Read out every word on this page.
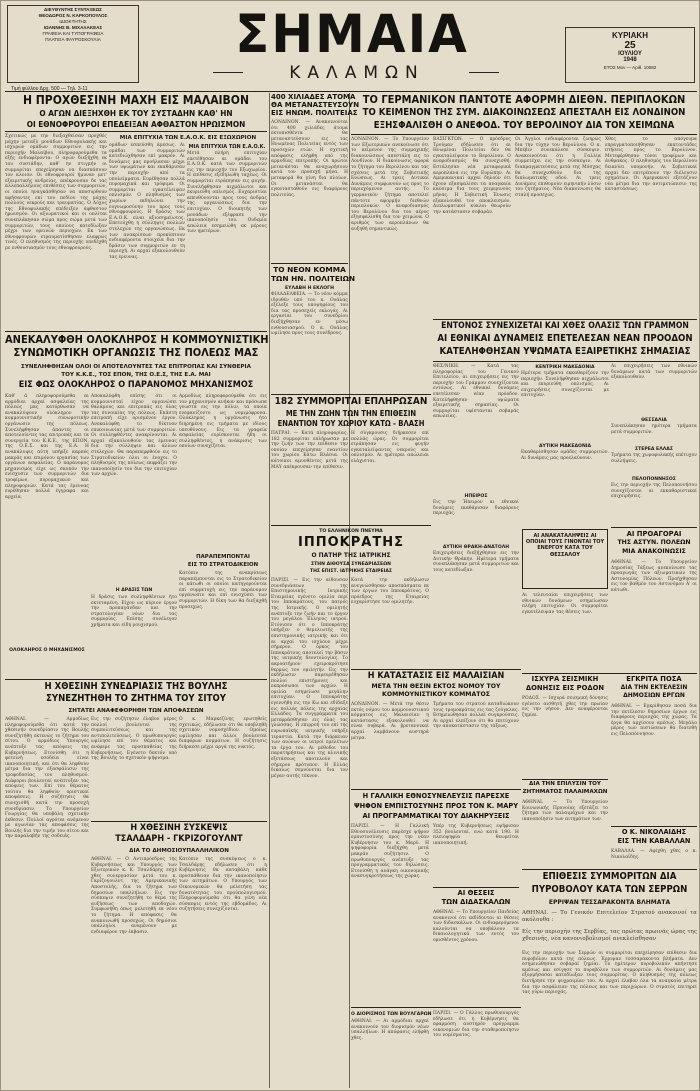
ΔΙΕΥΘΥΝΤΗΣ ΣΥΝΤΑΞΕΩΣ
ΘΕΟΔΩΡΟΣ Ν. ΚΑΡΚΟΠΟΥΛΟΣ
ΙΔΙΟΚΤΗΤΗΣ
ΙΩΑΝΝΗΣ Β. ΜΙΧΑΛΑΚΕΑΣ
ΓΡΑΦΕΙΑ ΚΑΙ ΤΥΠΟΓΡΑΦΕΙΑ
ΠΛΑΤΕΙΑ ΦΑΥΡΟΣΚΟΥΛΙΑ	ΣΗΜΑΙΑ
ΚΑΛΑΜΩΝ
ΚΥΡΙΑΚΗ
25
ΙΟΥΛΙΟΥ
1948
ΕΤΟΣ Μον — Αριθ. 10082
Τιμή φύλλου Δρχ. 500 — Τηλ. 3-11
Η ΠΡΟΧΘΕΣΙΝΗ ΜΑΧΗ ΕΙΣ ΜΑΛΑΙΒΟΝ
Ο ΑΓΩΝ ΔΙΕΞΗΧΘΗ ΕΚ ΤΟΥ ΣΥΣΤΑΔΗΝ ΚΑΘ' ΗΝ
ΟΙ ΕΘΝΟΦΡΟΥΡΟΙ ΕΠΕΔΕΙΞΑΝ ΑΦΘΑΣΤΟΝ ΗΡΩΙΣΜΟΝ
Σχετικώς με την διεξαχθείσαν προχθές μάχην μεταξύ μονάδων Εθνοφυλακής και ισχυρών ομάδων συμμοριτών εις την περιοχήν Μαλαίβου, πληροφορούμεθα τα εξής ενδιαφέροντα: Ο αγών διεξήχθη εκ του συστάδην, καθ' ην στιγμήν οι συμμορίται επεχείρησαν να διασπάσουν τον κλοιόν. Οι εθνοφρουροί ήμυναν μετ' εξαιρετικής ανδρείας, απέκρουσαν δε τας αλλεπαλλήλους επιθέσεις των συμμοριτών, οι οποίοι ηναγκάσθησαν να αποσυρθούν αφήσαντες επί του πεδίου της μάχης πολλούς νεκρούς και τραυματίας. Ο Λόχος της Εθνοφυλακής επέδειξεν άφθαστον ηρωισμόν. Οι αξιωματικοί και οι οπλίται συνεπλάκησαν σώμα προς σώμα μετά των συμμοριτών, τους οποίους κατεδίωξαν μέχρι των ορεινών περιοχών. Εκ των εθνοφρουρών ετραυματίσθησαν ελαφρώς τινές. Ο πληθυσμός της περιοχής υπεδέχθη με ενθουσιασμόν τους εθνοφρουρούς.
ΜΙΑ ΕΠΙΤΥΧΙΑ ΤΩΝ Ε.Α.Ο.Κ. ΕΙΣ ΕΞΩΧΩΡΙΟΝ
ομάδων εσπεύσθη άμεσως. Αι ομάδαι των συμμοριτών κατεδιώχθησαν επί μακρόν. Αι δυνάμεις μας προήλασαν μέχρι των υψωμάτων και εκαθάρισαν την περιοχήν από τα υπολείμματα. Ευρέθησαν πολλά πυρομαχικά και τρόφιμα. Οι συμμορίται εγκατέλειψαν οπλισμόν. Ο πληθυσμός των χωρίων εκδηλώνει την ευγνωμοσύνην του προς τους εθνοφρουρούς. Η δράσις των Ε.Α.Ο.Κ. είναι αξιοσημείωτος. Επετεύχθη η σύλληψις πολλών στελεχών της οργανώσεως. Εκ των ανακρίσεων προκύπτουν ενδιαφέροντα στοιχεία δια την δράσιν των συμμοριτών εν τη περιοχή. Αι αρχαί εξακολουθούν τας έρευνας.
ΜΙΑ ΕΠΙΤΥΧΙΑ ΤΩΝ Ε.Α.Ο.Κ.
Μετά πλήρη επιτυχίαν επετέθησαν αι ομάδαι του Ε.Α.Ο.Κ. κατά των συμμοριτών εις την περιοχήν του Εξωχωρίου. Η επίθεσις εξεδηλώθη ταχέως. Οι συμμορίται ετράπησαν εις φυγήν. Συνελήφθησαν αιχμάλωτοι και εκυριεύθη οπλισμός. Ευχαριστίαι απευθύνονται προς τους άνδρας της οργανώσεως δια την επιτυχίαν. Ο διοικητής των μονάδων εξέφρασε την ικανοποίησίν του. Ουδεμία απώλεια εσημειώθη εκ μέρους των ημετέρων.
ΑΝΕΚΑΛΥΦΘΗ ΟΛΟΚΛΗΡΟΣ Η ΚΟΜΜΟΥΝΙΣΤΙΚΗ
ΣΥΝΩΜΟΤΙΚΗ ΟΡΓΑΝΩΣΙΣ ΤΗΣ ΠΟΛΕΩΣ ΜΑΣ
ΣΥΝΕΛΗΦΘΗΣΑΝ ΟΛΟΙ ΟΙ ΑΠΟΤΕΛΟΥΝΤΕΣ ΤΑΣ ΕΠΙΤΡΟΠΑΣ ΚΑΙ ΣΥΝΘΕΡΙΑ
ΤΟΥ Κ.Κ.Ε., ΤΟΣ ΕΠΟΝ, ΤΗΣ Ο.Ε.Σ, ΤΗΣ Ε.Α. ΜΑΙ
ΕΙΣ ΦΩΣ ΟΛΟΚΛΗΡΟΣ Ο ΠΑΡΑΝΟΜΟΣ ΜΗΧΑΝΙΣΜΟΣ
Καθ' ά πληροφορούμεθα αι αρμόδιαι αρχαί ασφαλείας της πόλεώς μας κατόρθωσαν να ανακαλύψουν ολόκληρον την κομμουνιστικήν συνωμοτικήν οργάνωσιν της πόλεως. Συνελήφθησαν άπαντες οι αποτελούντες τας επιτροπάς και τα συνεργεία του Κ.Κ.Ε., της ΕΠΟΝ, της Ο.Ε.Σ. και της Ε.Α. Η ανακάλυψις αύτη υπήρξε καρπός μακράς και επιμόνου εργασίας των οργάνων ασφαλείας. Ο παράνομος μηχανισμός είχε ως σκοπόν την ενίσχυσιν των συμμοριτών δια τροφίμων, πυρομαχικών και πληροφοριών. Κατά τας έρευνας ευρέθησαν πολλά έγγραφα και αρχεία.
ΟΛΟΚΛΗΡΟΣ Ο ΜΗΧΑΝΙΣΜΟΣ
Αποκαλύφθη επίσης ότι οι κομμουνισταί είχον οργανώσει θαλάμους και επιτροπάς εις όλας τας συνοικίας της πόλεως. Εκάστη επιτροπή είχε ορισμένον έργον. Ανεκαλύφθη το δίκτυον επικοινωνίας μετά των συμμοριτών. Οι συλληφθέντες ανακρίνονται. Αι αρχαί εξακολουθούν τας έρευνας δια την σύλληψιν και άλλων στελεχών. Θα παραπεμφθούν εις το Στρατοδικείον όλοι οι ένοχοι. Ο πληθυσμός της πόλεως εκφράζει την ικανοποίησίν του δια την επιτυχίαν των αρχών.
Η ΔΡΑΣΙΣ ΤΩΝ
Η δράσις των συλληφθέντων ήτο εκτεταμένη. Είχον ως κύριον έργον την προπαγάνδαν και την στρατολογίαν νέων δια τας συμμορίας. Επίσης συνέλεγον χρήματα και είδη ρουχισμού.
Αρμοδίως πληροφορούμεθα ότι εις τον μηχανισμόν ανήκον και πρόσωπα γνωστά εις την πόλιν, τα οποία ενεφανίζοντο ως νομιμόφρονα. Ολόκληρος η οργάνωσις ήτο διηρημένη εις τμήματα με ιδίους υπευθύνους. Εις τα γραφεία ασφαλείας ευρίσκονται ήδη οι συλληφθέντες, η ανάκρισις των οποίων συνεχίζεται.
ΠΑΡΑΠΕΜΠΟΝΤΑΙ
ΕΙΣ ΤΟ ΣΤΡΑΤΟΔΙΚΕΙΟΝ
Κατόπιν της ανακρίσεως παραπέμπονται εις το Στρατοδικείον οι κάτωθι οι οποίοι κατηγορούνται επί συμμετοχή εις την παράνομον οργάνωσιν και επί ενισχύσει των συμμοριτών. Η δίκη των θα διεξαχθή προσεχώς.
Η ΧΘΕΣΙΝΗ ΣΥΝΕΔΡΙΑΣΙΣ ΤΗΣ ΒΟΥΛΗΣ
ΣΥΝΕΖΗΤΗΘΗ ΤΟ ΖΗΤΗΜΑ ΤΟΥ ΣΙΤΟΥ
ΣΗΤΑΤΕΙ ΑΝΑΦΕΦΟΡΗΘΗ ΤΩΝ ΑΠΟΦΑΣΕΩΝ
ΑΘΗΝΑΙ. — Αρμοδίως πληροφορούμεθα ότι κατά την χθεσινήν συνεδρίασιν της Βουλής συνεζητήθη εκτενώς το ζήτημα του σίτου. Ο αρμόδιος Υπουργός ανέπτυξε τας απόψεις της Κυβερνήσεως. Ετονίσθη ότι η φετεινή εσοδεία είναι ικανοποιητική, και ότι θα ληφθούν μέτρα δια την εξασφάλισιν της τροφοδοσίας του πληθυσμού. Διάφοροι βουλευταί ανέπτυξαν τας απόψεις των. Επί του θέματος τούτου θα ληφθούν οριστικαί αποφάσεις. Η συζήτησις θα συνεχισθή κατά την προσεχή συνεδρίασιν. Το Υπουργείον Γεωργίας θα υποβάλη σχετικήν έκθεσιν. Πολλοί αγρόται ανέμενον με αγωνίαν τας αποφάσεις της Βουλής δια την τιμήν του σίτου και την παραλαβήν της σοδειάς.
Εις την συζήτησιν έλαβον μέρος πολλοί βουλευταί της συμπολιτεύσεως και της αντιπολιτεύσεως. Ο πρωθυπουργός ωμίλησε επί του θέματος και ανέφερε τας προσπαθείας της Κυβερνήσεως. Εγένετο δεκτόν υπό της Βουλής το σχετικόν ψήφισμα.
Ο κ. Μαρκεζίνης ερωτηθείς σχετικώς, εδήλωσεν ότι θα υποβληθή σχετικόν νομοσχέδιον. Ομοίως ωμίλησαν και άλλοι βουλευταί διαφόρων κομμάτων. Η συζήτησις διήρκεσε μέχρι αργά της νυκτός.
Η ΧΘΕΣΙΝΗ ΣΥΣΚΕΨΙΣ
ΤΣΑΛΔΑΡΗ - ΓΚΡΙΖΟΓΟΥΛΝΤ
ΔΙΑ ΤΟ ΔΗΜΟΣΙΟΥΠΑΛΛΗΛΙΚΟΝ
ΑΘΗΝΑΙ. — Ο Αντιπρόεδρος της Κυβερνήσεως και Υπουργός των Εξωτερικών κ. Κ. Τσαλδάρης εσχε χθες συνεργασίαν μετά του κ. Γκρίζογουλντ, της Αμερικανικής Αποστολής, δια το ζήτημα των δημοσίων υπαλλήλων. Εις την σύσκεψιν συνεζητήθη το θέμα της αυξήσεως των αποδοχών. Συμφωνήθη όπως μελετηθή εκ νέου το ζήτημα. Η απόφασις θα ανακοινωθή προσεχώς. Οι δημόσιοι υπάλληλοι αναμένουν με ενδιαφέρον την έκβασιν.
Κατόπιν της συσκέψεως ο κ. Τσαλδάρης εδήλωσεν ότι η Κυβέρνησις θα καταβάλη κάθε προσπάθειαν δια την ικανοποίησιν των αιτημάτων. Ο Υπουργός των Οικονομικών θα μελετήση τας δυνατότητας του προϋπολογισμού. Πληροφορούμεθα ότι θα γίνη νέα σύσκεψις εντός της εβδομάδος. Αι συζητήσεις συνεχίζονται.
400 ΧΙΛΙΑΔΕΣ ΑΤΟΜΑ
ΘΑ ΜΕΤΑΝΑΣΤΕΥΣΟΥΝ
ΕΙΣ ΗΝΩΜ. ΠΟΛΙΤΕΙΑΣ
ΛΟΝΔΙΝΟΝ. — Ανακοινούται ότι 400 χιλιάδες άτομα εκτοπισθέντα θα μεταναστεύσουν εις τας Ηνωμένας Πολιτείας εντός των προσεχών ετών. Η σχετική απόφασις ελήφθη υπό της αρμοδίας επιτροπής. Οι πρώτοι μετανάσται θα αναχωρήσουν κατά τον προσεχή μήνα. Η μεταφορά θα γίνη δια πλοίων. Οι μετανάσται θα εγκατασταθούν εις διαφόρους πολιτείας.
ΤΟ ΝΕΟΝ ΚΟΜΜΑ
ΤΩΝ ΗΝ. ΠΟΛΙΤΕΙΩΝ
ΕΥΛΑΒΗ Η ΕΚΛΟΓΗ
ΦΙΛΑΔΕΛΦΕΙΑ. — Το νέον κόμμα ιδρυθέν υπό του κ. Ουάλας εξέλεξε τους υποψηφίους του δια τας προσεχείς εκλογάς. Αι εργασίαι του συνεδρίου διεξήχθησαν εν μέσω ενθουσιασμού. Ο κ. Ουάλας ωμίλησε προς τους συνέδρους.
ΤΟ ΓΕΡΜΑΝΙΚΟΝ ΠΑΝΤΟΤΕ ΑΦΟΡΜΗ ΔΙΕΘΝ. ΠΕΡΙΠΛΟΚΩΝ
ΤΟ ΚΕΙΜΕΝΟΝ ΤΗΣ ΣΥΜ. ΔΙΑΚΟΙΝΩΣΕΩΣ ΑΠΕΣΤΑΛΗ ΕΙΣ ΛΟΝΔΙΝΟΝ
ΕΞΗΣΦΑΛΙΣΘΗ Ο ΑΝΕΦΟΔ. ΤΟΥ ΒΕΡΟΛΙΝΟΥ ΔΙΑ ΤΟΝ ΧΕΙΜΩΝΑ
ΛΟΝΔΙΝΟΝ. — Το Υπουργείον των Εξωτερικών ανεκοίνωσε ότι το κείμενον της συμμαχικής διακοινώσεως απεστάλη εις το Λονδίνον. Η διακοίνωσις αφορά το ζήτημα του Βερολίνου και τας σχέσεις μετά της Σοβιετικής Ενώσεως. Αι τρεις Δυτικαί Δυνάμεις συμφωνούν ως προς το περιεχόμενον αυτής. Το γερμανικόν ζήτημα αποτελεί πάντοτε αφορμήν διεθνών περιπλοκών. Ο ανεφοδιασμός του Βερολίνου δια του αέρος εξησφαλίσθη δια τον χειμώνα. Ο αριθμός των αεροπλάνων θα αυξηθή σημαντικώς.
ΒΑΣΙΓΚΤΩΝ. — Ο πρόεδρος Τρούμαν εδήλωσεν ότι αι Ηνωμέναι Πολιτείαι δεν θα εγκαταλείψουν το Βερολίνον. Ο ανεφοδιασμός θα συνεχισθή. Εστάλησαν νέα μεταφορικά αεροπλάνα εις την Ευρώπην. Αι Αμερικανικαί αρχαί δηλούν ότι έχουν εξασφαλίσει τα αναγκαία καύσιμα δια τους χειμερινούς μήνας. Η Σοβιετική Ένωσις εξακολουθεί τον αποκλεισμόν. Διπλωματικοί κύκλοι θεωρούν την κατάστασιν σοβαράν.
Οι Άγγλοι ενδιαφέρονται ζωηρώς δια την τύχην του Βερολίνου. Ο κ. Μπέβιν συνεκάλεσε σύσκεψιν. Ανακοινούται ότι η Γαλλία συμμετέχει εις την σύσκεψιν. Αι διαπραγματεύσεις μετά της Μόσχας θα συνεχισθούν δια της διπλωματικής οδού. Αι τρεις Δυνάμεις επιθυμούν ειρηνικήν λύσιν του ζητήματος. Νέα διακοίνωσις θα σταλή προσεχώς.
Χθες το απόγευμα επραγματοποιήθησαν εκατοντάδες πτήσεις προς το Βερολίνον. Μετεφέρθησαν τόνοι τροφίμων και άνθρακος. Ο πληθυσμός του Βερολίνου δεικνύει υπομονήν. Αι Σοβιετικαί αρχαί δεν επιτρέπουν την διέλευσιν οχημάτων. Οι Αμερικανοί εξετάζουν νέα μέτρα δια την αντιμετώπισιν της καταστάσεως.
ΕΝΤΟΝΟΣ ΣΥΝΕΧΙΖΕΤΑΙ ΚΑΙ ΧΘΕΣ ΟΛΑΣΙΣ ΤΩΝ ΓΡΑΜΜΟΝ
ΑΙ ΕΘΝΙΚΑΙ ΔΥΝΑΜΕΙΣ ΕΠΕΤΕΛΕΣΑΝ ΝΕΑΝ ΠΡΟΟΔΟΝ
ΚΑΤΕΛΗΦΘΗΣΑΝ ΥΨΩΜΑΤΑ ΕΞΑΙΡΕΤΙΚΗΣ ΣΗΜΑΣΙΑΣ
ΘΕΣ/ΝΙΚΗ. — Κατά τας πληροφορίας του Γενικού Επιτελείου, αι επιχειρήσεις εις την περιοχήν του Γράμμου συνεχίζονται εντόνως. Αι εθνικαί δυνάμεις επετέλεσαν νέαν πρόοδον. Κατελήφθησαν υψώματα εξαιρετικής σημασίας. Οι συμμορίται υφίστανται σοβαράς απωλείας.
ΚΕΝΤΡΙΚΗ ΜΑΚΕΔΟΝΙΑ
Ημέτερα τμήματα εκκαθαρίζουν την περιοχήν. Συνελήφθησαν αιχμάλωτοι και εκυριεύθη οπλισμός. Αι επιχειρήσεις συνεχίζονται με επιτυχίαν.
ΑΥΤΙΚΗ ΜΑΚΕΔΟΝΙΑ
Εκαθαρίσθησαν ομάδες συμμοριτών. Αι δυνάμεις μας προελαύνουν.
Αι επιχειρήσεις των εθνικών δυνάμεων κατά των συμμοριτών εξακολουθούν.
ΘΕΣΣΑΛΙΑ
Συνεπλάκησαν ημέτερα τμήματα μετά συμμοριτών.
ΣΤΕΡΕΑ ΕΛΛΑΣ
Τμήματα της χωροφυλακής επέτυχον συλλήψεις.
ΠΕΛΟΠΟΝΝΗΣΟΣ
Εις την περιοχήν της Πελοποννήσου συνεχίζονται αι εκκαθαριστικαί επιχειρήσεις.
182 ΣΥΜΜΟΡΙΤΑΙ ΕΠΛΗΡΩΣΑΝ
ΜΕ ΤΗΝ ΖΩΗΝ ΤΩΝ ΤΗΝ ΕΠΙΘΕΣΙΝ
ΕΝΑΝΤΙΟΝ ΤΟΥ ΧΩΡΙΟΥ ΚΑΤΩ - ΒΛΑΣΗ
ΠΑΤΡΑΙ. — Κατά πληροφορίας, 182 συμμορίται επλήρωσαν με την ζωήν των την επίθεσιν την οποίαν επεχείρησαν εναντίον του χωρίου Κάτω Βλάσια. Οι κάτοικοι αμυνθέντες μετά της ΜΑΥ απέκρουσαν την επίθεσιν.
Η σύγκρουσις διήρκεσεν επί πολλάς ώρας. Οι συμμορίται ετράπησαν εις φυγήν εγκαταλείψαντες νεκρούς και οπλισμόν. Αι ημέτεραι απώλειαι ελάχισται.
ΤΟ ΕΛΛΗΝΙΚΟΝ ΠΝΕΥΜΑ
ΙΠΠΟΚΡΑΤΗΣ
Ο ΠΑΤΗΡ ΤΗΣ ΙΑΤΡΙΚΗΣ
ΣΤΗΝ ΑΙΘΟΥΣΑ ΣΥΝΕΔΡΙΑΣΕΩΝ
ΤΗΣ ΕΠΙΣΤ. ΙΑΤΡΙΚΗΣ ΕΤΑΙΡΕΙΑΣ
ΠΑΡΙΣΙ. — Εις την αίθουσαν συνεδριάσεων της Επιστημονικής Ιατρικής Εταιρείας εγένετο ομιλία περί του Ιπποκράτους, του πατρός της Ιατρικής. Ο ομιλητής ανέπτυξε την ζωήν και το έργον του μεγάλου Έλληνος ιατρού. Ετόνισεν ότι ο Ιπποκράτης υπήρξεν ο θεμελιωτής της επιστημονικής ιατρικής και ότι αι αρχαί του ισχύουν μέχρι σήμερον. Ο όρκος του Ιπποκράτους αποτελεί την βάσιν της ιατρικής δεοντολογίας. Το ακροατήριον εχειροκρότησε θερμώς τον ομιλητήν. Εις την εκδήλωσιν παρευρέθησαν πολλοί επιστήμονες και εκπρόσωποι των αρχών. Η ομιλία εσημείωσε μεγάλην επιτυχίαν. Ο Ιπποκράτης εγεννήθη εις την Κω και εδίδαξε εις πολλάς πόλεις της αρχαίας Ελλάδος. Τα συγγράμματά του μετεφράσθησαν εις όλας τας γλώσσας. Η επιρροή του επί της ευρωπαϊκής ιατρικής υπήρξε τεραστία. Κατά την διάρκειαν των αιώνων οι ιατροί εμελέτων τα έργα του. Αι μέθοδοι του παρατηρήσεως και της κλινικής εξετάσεως αποτελούν και σήμερον πρότυπον. Η Ελλάς δικαίως σεμνύνεται δια τον μέγαν αυτής τέκνον.
Κατά την εκδήλωσιν ανεγνώσθησαν αποσπάσματα εκ των έργων του Ιπποκράτους. Ο πρόεδρος της Εταιρείας ευχαρίστησε τον ομιλητήν.
Η ΚΑΤΑΣΤΑΣΙΣ ΕΙΣ ΜΑΛΑΙΣΙΑΝ
ΜΕΤΑ ΤΗΝ ΘΕΣΙΝ ΕΚΤΟΣ ΝΟΜΟΥ ΤΟΥ
ΚΟΜΜΟΥΝΙΣΤΙΚΟΥ ΚΟΜΜΑΤΟΣ
ΛΟΝΔΙΝΟΝ. — Μετά την θέσιν εκτός νόμου του κομμουνιστικού κόμματος εις Μαλαισίαν η κατάστασις εξακολουθεί να είναι σοβαρά. Αι βρεταννικαί αρχαί λαμβάνουν αυστηρά μέτρα.
Τμήματα του στρατού καταδιώκουν τους τρομοκράτας εις τας ζούγκλας. Εσημειώθησαν πολλαί συγκρούσεις. Αι αρχαί ελπίζουν ότι θα επιτύχουν την αποκατάστασιν της τάξεως.
Η ΓΑΛΛΙΚΗ ΕΘΝΟΣΥΝΕΛΕΥΣΙΣ ΠΑΡΕΣΧΕ
ΨΗΦΟΝ ΕΜΠΙΣΤΟΣΥΝΗΣ ΠΡΟΣ ΤΟΝ Κ. ΜΑΡΥ
ΑΙ ΠΡΟΓΡΑΜΜΑΤΙΚΑΙ ΤΟΥ ΔΙΑΚΗΡΥΞΕΙΣ
ΠΑΡΙΣΙ. — Η Γαλλική Εθνοσυνέλευσις παρέσχε ψήφον εμπιστοσύνης προς την νέαν Κυβέρνησιν του κ. Μαρύ. Η ψηφοφορία διεξήχθη μετά μακράν συζήτησιν. Ο πρωθυπουργός ανέπτυξε τας προγραμματικάς του δηλώσεις. Ετονίσθη η ανάγκη οικονομικής ανασυγκροτήσεως της χώρας.
Υπέρ της Κυβερνήσεως εψήφισαν 352 βουλευταί, ενώ κατά 190. Η πλειοψηφία θεωρείται ικανοποιητική.
ΑΙ ΘΕΣΕΙΣ
ΤΩΝ ΔΙΔΑΣΚΑΛΩΝ
ΑΘΗΝΑΙ. — Το Υπουργείον Παιδείας ανακοινοί ότι εκδίδονται αι θέσεις των διδασκάλων. Οι ενδιαφερόμενοι καλούνται να υποβάλουν τα δικαιολογητικά των εντός του ορισθέντος χρόνου.
Ο ΔΙΟΡΙΣΜΟΣ ΤΩΝ ΒΟΥΛΓΑΡΩΝ
ΑΘΗΝΑΙ. — Αι αρμόδιαι αρχαί ανακοινούν τον διορισμόν νέων υπαλλήλων. Η απόφασις ελήφθη χθες.
ΠΑΡΙΣΙ. — Ο Γάλλος πρωθυπουργός εδήλωσε ότι η Κυβέρνησις θα εφαρμόση αυστηρόν πρόγραμμα οικονομιών δια την σταθεροποίησιν του νομίσματος.
ΑΙ ΑΝΑΚΑΤΑΛΗΨΕΙΣ ΑΙ ΟΠΟΙΑΙ ΤΟΥΣ ΓΙΝΟΝΤΑΙ ΤΟΥ ΕΝΕΡΓΟΥ ΚΑΤΑ ΤΟΥ ΘΕΣΣΑΛΟΥ
Αι τελευταίαι επιχειρήσεις των εθνικών δυνάμεων εσημείωσαν πλήρη επιτυχίαν. Οι συμμορίται εγκατέλειψαν τας θέσεις των.
ΗΠΕΙΡΟΣ
Εις την Ήπειρον αι εθνικαί δυνάμεις εκαθάρισαν διαφόρους περιοχάς.
ΔΥΤΙΚΗ ΘΡΑΚΗ-ΑΝΑΤΟΛΗ
Επιχειρήσεις διεξήχθησαν εις την Δυτικήν Θράκην. Ημέτερα τμήματα συνεπλάκησαν μετά συμμοριτών και τους κατεδίωξαν.
ΑΙ ΠΡΟΑΓΟΡΑΙ
ΤΗΣ ΑΣΤΥΝ. ΠΟΛΕΩΝ
ΜΙΑ ΑΝΑΚΟΙΝΩΣΙΣ
ΑΘΗΝΑΙ. — Το Υπουργείον Δημοσίας Τάξεως ανεκοίνωσε τας προαγωγάς των αξιωματικών της Αστυνομίας Πόλεων. Προήχθησαν εις τον βαθμόν του Αστυνόμου Α' οι κάτωθι.
ΙΣΧΥΡΑ ΣΕΙΣΜΙΚΗ
ΔΟΝΗΣΙΣ ΕΙΣ ΡΟΔΟΝ
ΡΟΔΟΣ. — Ισχυρά σεισμική δόνησις εγένετο αισθητή χθες την πρωίαν εις την νήσον. Δεν αναφέρονται ζημίαι.
ΕΓΚΡΙΤΑ ΠΟΣΑ
ΔΙΑ ΤΗΝ ΕΚΤΕΛΕΣΙΝ
ΔΗΜΟΣΙΩΝ ΕΡΓΩΝ
ΑΘΗΝΑΙ. — Εγκρίθησαν ποσά δια την εκτέλεσιν δημοσίων έργων εις διαφόρους περιοχάς της χώρας. Τα έργα θα αρχίσουν αμέσως. Μεγάλο μέρος των πιστώσεων θα διατεθή εις Πελοπόννησον.
ΔΙΑ ΤΗΝ ΕΠΙΛΥΣΙΝ ΤΟΥ
ΖΗΤΗΜΑΤΟΣ ΠΑΛΑΙΜΑΧΩΝ
ΑΘΗΝΑΙ. — Το Υπουργείον Κοινωνικής Προνοίας εξετάζει το ζήτημα των παλαιμάχων και την ικανοποίησιν των αιτημάτων των.
Ο Κ. ΝΙΚΟΛΑΙΔΗΣ
ΕΙΣ ΤΗΝ ΚΑΒΑΛΛΑΝ
ΚΑΒΑΛΛΑ. — Αφίχθη χθες ο κ. Νικολαΐδης.
ΕΠΙΘΕΣΙΣ ΣΥΜΜΟΡΙΤΩΝ ΔΙΑ
ΠΥΡΟΒΟΛΟΥ ΚΑΤΑ ΤΩΝ ΣΕΡΡΩΝ
ΕΡΡΙΨΑΝ ΤΕΣΣΑΡΑΚΟΝΤΑ ΒΛΗΜΑΤΑ
ΑΘΗΝΑΙ. — Το Γενικόν Επιτελείον Στρατού ανακοινοί τα ακόλουθα :
Είς την περιοχήν της Σερβίας, τας πρώτας πρωινάς ώρας της χθεσινής, νέα κανονιοβολισμοί ανεκλείσθησαν
Εις την περιοχήν των Σερρών οι συμμορίται επεχείρησαν επίθεσιν δια πυροβόλου κατά της πόλεως. Έρριψαν τεσσαράκοντα βλήματα. Δεν εσημειώθησαν σοβαραί ζημίαι. Το ημέτερον πυροβολικόν απήντησε αμέσως και εσίγησε το πυροβόλον των συμμοριτών. Αι δυνάμεις μας εξορμήσασαι κατεδίωξαν τους συμμορίτας. Ο πληθυσμός της πόλεως διετήρησε την ψυχραιμίαν του. Αι αρχαί έλαβον όλα τα αναγκαία μέτρα δια την ασφάλειαν της πόλεως και των περιχώρων. Ο στρατός επιτηρεί τας γύρω περιοχάς.
